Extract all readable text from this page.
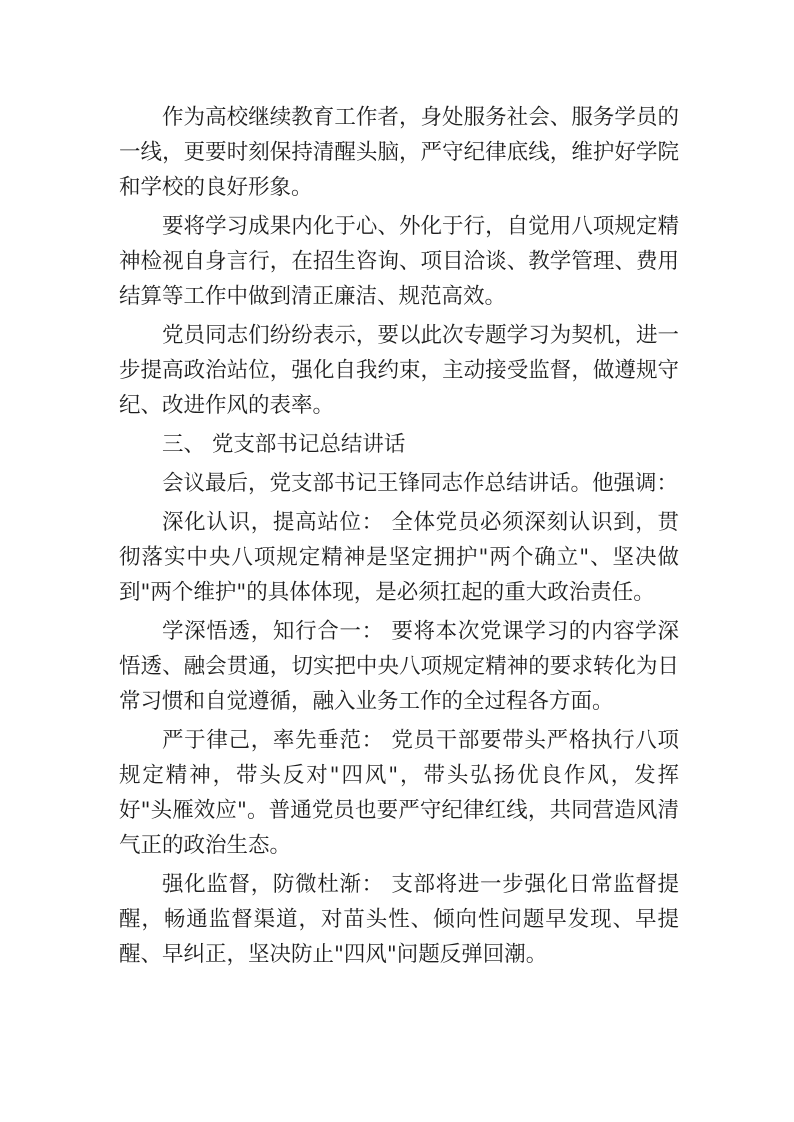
作为高校继续教育工作者，身处服务社会、服务学员的一线，更要时刻保持清醒头脑，严守纪律底线，维护好学院和学校的良好形象。

要将学习成果内化于心、外化于行，自觉用八项规定精神检视自身言行，在招生咨询、项目洽谈、教学管理、费用结算等工作中做到清正廉洁、规范高效。

党员同志们纷纷表示，要以此次专题学习为契机，进一步提高政治站位，强化自我约束，主动接受监督，做遵规守纪、改进作风的表率。

三、 党支部书记总结讲话

会议最后，党支部书记王锋同志作总结讲话。他强调：

深化认识，提高站位： 全体党员必须深刻认识到，贯彻落实中央八项规定精神是坚定拥护"两个确立"、坚决做到"两个维护"的具体体现，是必须扛起的重大政治责任。

学深悟透，知行合一： 要将本次党课学习的内容学深悟透、融会贯通，切实把中央八项规定精神的要求转化为日常习惯和自觉遵循，融入业务工作的全过程各方面。

严于律己，率先垂范： 党员干部要带头严格执行八项规定精神，带头反对"四风"，带头弘扬优良作风，发挥好"头雁效应"。普通党员也要严守纪律红线，共同营造风清气正的政治生态。

强化监督，防微杜渐： 支部将进一步强化日常监督提醒，畅通监督渠道，对苗头性、倾向性问题早发现、早提醒、早纠正，坚决防止"四风"问题反弹回潮。
